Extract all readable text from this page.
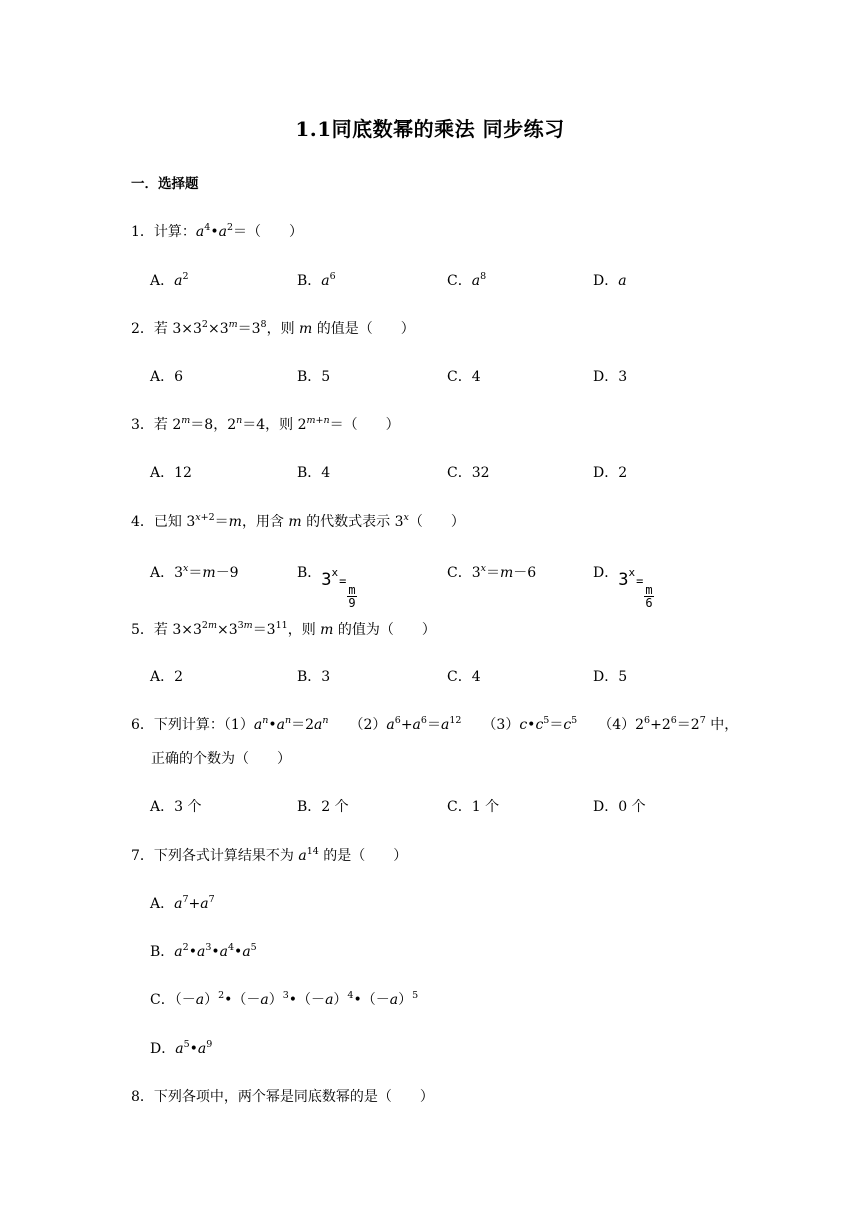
1.1同底数幂的乘法 同步练习
一．选择题
1．计算：$a^4•a^2=$（　　）
A．$a^2$	B．$a^6$	C．$a^8$	D．a
2．若 $3\times 3^2\times 3^m=3^8$，则 m 的值是（　　）
A．6	B．5	C．4	D．3
3．若 $2^m=8$，$2^n=4$，则 $2^{m+n}=$（　　）
A．12	B．4	C．32	D．2
4．已知 $3^{x+2}=m$，用含 m 的代数式表示 3$^x$（　　）
A．$3^x=m-9$	B．$3^x=$
$\frac{m}{9}$
C．$3^x=m-6$	D．$3^x=$
$\frac{m}{6}$
5．若 $3\times 3^{2m}\times 3^{3m}=3^{11}$，则 m 的值为（　　）
A．2	B．3	C．4	D．5
6．下列计算：$(1)a^n•a^n=2a^n$　　$(2)a^6+a^6=a^{12}$　　$(3)c•c^5=c^5$　　$(4)2^6+2^6=2^7$ 中，
正确的个数为（　　）
A．3 个	B．2 个	C．1 个	D．0 个
7．下列各式计算结果不为 $a^{14}$ 的是（　　）
A．$a^7+a^7$
B．$a^2•a^3•a^4•a^5$
C．$(-a)^2•(-a)^3•(-a)^4•(-a)^5$
D．$a^5•a^9$
8．下列各项中，两个幂是同底数幂的是（　　）
